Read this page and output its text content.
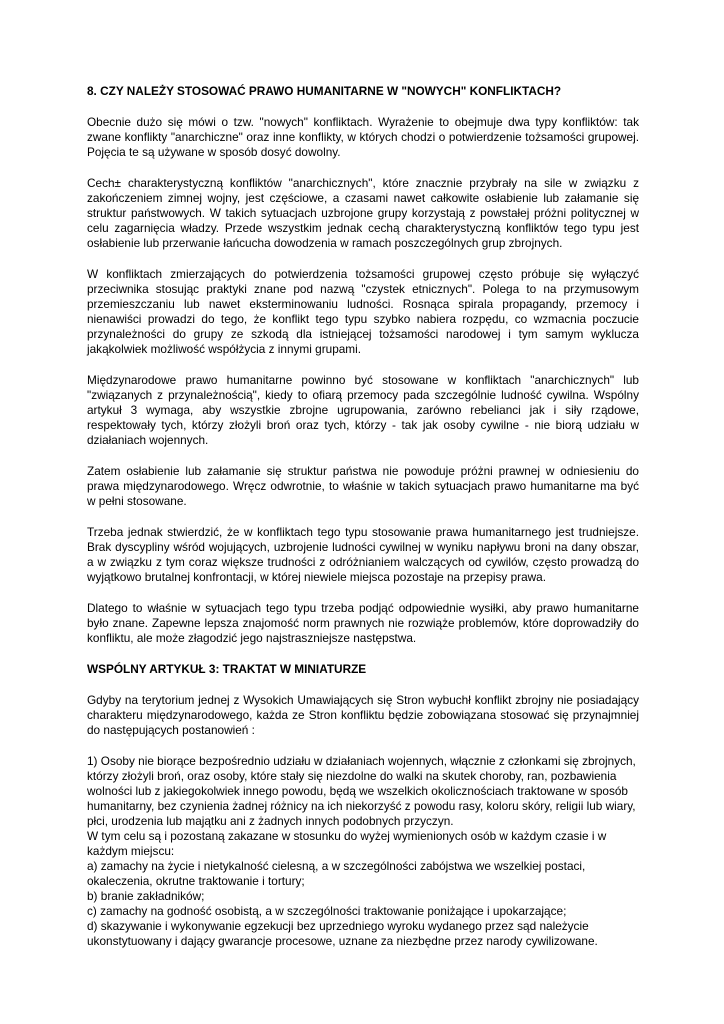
8. CZY NALEŻY STOSOWAĆ PRAWO HUMANITARNE W "NOWYCH" KONFLIKTACH?

Obecnie dużo się mówi o tzw. "nowych" konfliktach. Wyrażenie to obejmuje dwa typy konfliktów: tak zwane konflikty "anarchiczne" oraz inne konflikty, w których chodzi o potwierdzenie tożsamości grupowej. Pojęcia te są używane w sposób dosyć dowolny.

Cech± charakterystyczną konfliktów "anarchicznych", które znacznie przybrały na sile w związku z zakończeniem zimnej wojny, jest częściowe, a czasami nawet całkowite osłabienie lub załamanie się struktur państwowych. W takich sytuacjach uzbrojone grupy korzystają z powstałej próżni politycznej w celu zagarnięcia władzy. Przede wszystkim jednak cechą charakterystyczną konfliktów tego typu jest osłabienie lub przerwanie łańcucha dowodzenia w ramach poszczególnych grup zbrojnych.

W konfliktach zmierzających do potwierdzenia tożsamości grupowej często próbuje się wyłączyć przeciwnika stosując praktyki znane pod nazwą "czystek etnicznych". Polega to na przymusowym przemieszczaniu lub nawet eksterminowaniu ludności. Rosnąca spirala propagandy, przemocy i nienawiści prowadzi do tego, że konflikt tego typu szybko nabiera rozpędu, co wzmacnia poczucie przynależności do grupy ze szkodą dla istniejącej tożsamości narodowej i tym samym wyklucza jakąkolwiek możliwość współżycia z innymi grupami.

Międzynarodowe prawo humanitarne powinno być stosowane w konfliktach "anarchicznych" lub "związanych z przynależnością", kiedy to ofiarą przemocy pada szczególnie ludność cywilna. Wspólny artykuł 3 wymaga, aby wszystkie zbrojne ugrupowania, zarówno rebelianci jak i siły rządowe, respektowały tych, którzy złożyli broń oraz tych, którzy - tak jak osoby cywilne - nie biorą udziału w działaniach wojennych.

Zatem osłabienie lub załamanie się struktur państwa nie powoduje próżni prawnej w odniesieniu do prawa międzynarodowego. Wręcz odwrotnie, to właśnie w takich sytuacjach prawo humanitarne ma być w pełni stosowane.

Trzeba jednak stwierdzić, że w konfliktach tego typu stosowanie prawa humanitarnego jest trudniejsze. Brak dyscypliny wśród wojujących, uzbrojenie ludności cywilnej w wyniku napływu broni na dany obszar, a w związku z tym coraz większe trudności z odróżnianiem walczących od cywilów, często prowadzą do wyjątkowo brutalnej konfrontacji, w której niewiele miejsca pozostaje na przepisy prawa.

Dlatego to właśnie w sytuacjach tego typu trzeba podjąć odpowiednie wysiłki, aby prawo humanitarne było znane. Zapewne lepsza znajomość norm prawnych nie rozwiąże problemów, które doprowadziły do konfliktu, ale może złagodzić jego najstraszniejsze następstwa.

WSPÓLNY ARTYKUŁ 3: TRAKTAT W MINIATURZE

Gdyby na terytorium jednej z Wysokich Umawiających się Stron wybuchł konflikt zbrojny nie posiadający charakteru międzynarodowego, każda ze Stron konfliktu będzie zobowiązana stosować się przynajmniej do następujących postanowień :

1) Osoby nie biorące bezpośrednio udziału w działaniach wojennych, włącznie z członkami się zbrojnych, którzy złożyli broń, oraz osoby, które stały się niezdolne do walki na skutek choroby, ran, pozbawienia wolności lub z jakiegokolwiek innego powodu, będą we wszelkich okolicznościach traktowane w sposób humanitarny, bez czynienia żadnej różnicy na ich niekorzyść z powodu rasy, koloru skóry, religii lub wiary, płci, urodzenia lub majątku ani z żadnych innych podobnych przyczyn.
W tym celu są i pozostaną zakazane w stosunku do wyżej wymienionych osób w każdym czasie i w każdym miejscu:
a) zamachy na życie i nietykalność cielesną, a w szczególności zabójstwa we wszelkiej postaci, okaleczenia, okrutne traktowanie i tortury;
b) branie zakładników;
c) zamachy na godność osobistą, a w szczególności traktowanie poniżające i upokarzające;
d) skazywanie i wykonywanie egzekucji bez uprzedniego wyroku wydanego przez sąd należycie ukonstytuowany i dający gwarancje procesowe, uznane za niezbędne przez narody cywilizowane.
